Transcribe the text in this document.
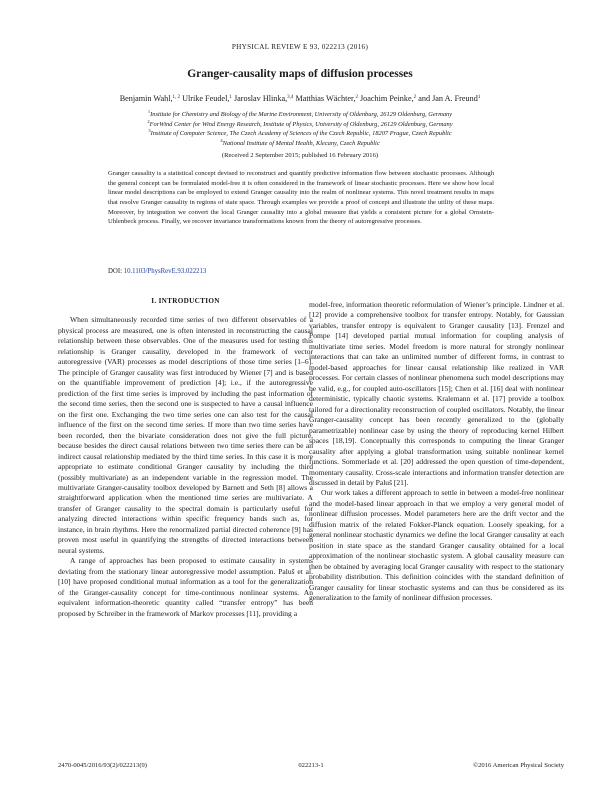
PHYSICAL REVIEW E 93, 022213 (2016)
Granger-causality maps of diffusion processes
Benjamin Wahl,$^{1, 2}$ Ulrike Feudel,$^1$ Jaroslav Hlinka,$^{3,4}$ Matthias Wächter,$^2$ Joachim Peinke,$^2$ and Jan A. Freund$^1$
$^1$Institute for Chemistry and Biology of the Marine Environment, University of Oldenburg, 26129 Oldenburg, Germany
$^2$ForWind Center for Wind Energy Research, Institute of Physics, University of Oldenburg, 26129 Oldenburg, Germany
$^3$Institute of Computer Science, The Czech Academy of Sciences of the Czech Republic, 18207 Prague, Czech Republic
$^4$National Institute of Mental Health, Klecany, Czech Republic
(Received 2 September 2015; published 16 February 2016)
Granger causality is a statistical concept devised to reconstruct and quantify predictive information flow between stochastic processes. Although the general concept can be formulated model-free it is often considered in the framework of linear stochastic processes. Here we show how local linear model descriptions can be employed to extend Granger causality into the realm of nonlinear systems. This novel treatment results in maps that resolve Granger causality in regions of state space. Through examples we provide a proof of concept and illustrate the utility of these maps. Moreover, by integration we convert the local Granger causality into a global measure that yields a consistent picture for a global Ornstein-Uhlenbeck process. Finally, we recover invariance transformations known from the theory of autoregressive processes.
DOI: 10.1103/PhysRevE.93.022213
I. INTRODUCTION

When simultaneously recorded time series of two different observables of a physical process are measured, one is often interested in reconstructing the causal relationship between these observables. One of the measures used for testing this relationship is Granger causality, developed in the framework of vector autoregressive (VAR) processes as model descriptions of those time series [1–6]. The principle of Granger causality was first introduced by Wiener [7] and is based on the quantifiable improvement of prediction [4]; i.e., if the autoregressive prediction of the first time series is improved by including the past information of the second time series, then the second one is suspected to have a causal influence on the first one. Exchanging the two time series one can also test for the causal influence of the first on the second time series. If more than two time series have been recorded, then the bivariate consideration does not give the full picture, because besides the direct causal relations between two time series there can be an indirect causal relationship mediated by the third time series. In this case it is more appropriate to estimate conditional Granger causality by including the third (possibly multivariate) as an independent variable in the regression model. The multivariate Granger-causality toolbox developed by Barnett and Seth [8] allows a straightforward application when the mentioned time series are multivariate. A transfer of Granger causality to the spectral domain is particularly useful for analyzing directed interactions within specific frequency bands such as, for instance, in brain rhythms. Here the renormalized partial directed coherence [9] has proven most useful in quantifying the strengths of directed interactions between neural systems.

A range of approaches has been proposed to estimate causality in systems deviating from the stationary linear autoregressive model assumption. Paluš et al. [10] have proposed conditional mutual information as a tool for the generalization of the Granger-causality concept for time-continuous nonlinear systems. An equivalent information-theoretic quantity called “transfer entropy” has been proposed by Schreiber in the framework of Markov processes [11], providing a

model-free, information theoretic reformulation of Wiener’s principle. Lindner et al. [12] provide a comprehensive toolbox for transfer entropy. Notably, for Gaussian variables, transfer entropy is equivalent to Granger causality [13]. Frenzel and Pompe [14] developed partial mutual information for coupling analysis of multivariate time series. Model freedom is more natural for strongly nonlinear interactions that can take an unlimited number of different forms, in contrast to model-based approaches for linear causal relationship like realized in VAR processes. For certain classes of nonlinear phenomena such model descriptions may be valid, e.g., for coupled auto-oscillators [15]; Chen et al. [16] deal with nonlinear deterministic, typically chaotic systems. Kralemann et al. [17] provide a toolbox tailored for a directionality reconstruction of coupled oscillators. Notably, the linear Granger-causality concept has been recently generalized to the (globally parametrizable) nonlinear case by using the theory of reproducing kernel Hilbert spaces [18,19]. Conceptually this corresponds to computing the linear Granger causality after applying a global transformation using suitable nonlinear kernel functions. Sommerlade et al. [20] addressed the open question of time-dependent, momentary causality. Cross-scale interactions and information transfer detection are discussed in detail by Paluš [21].

Our work takes a different approach to settle in between a model-free nonlinear and the model-based linear approach in that we employ a very general model of nonlinear diffusion processes. Model parameters here are the drift vector and the diffusion matrix of the related Fokker-Planck equation. Loosely speaking, for a general nonlinear stochastic dynamics we define the local Granger causality at each position in state space as the standard Granger causality obtained for a local approximation of the nonlinear stochastic system. A global causality measure can then be obtained by averaging local Granger causality with respect to the stationary probability distribution. This definition coincides with the standard definition of Granger causality for linear stochastic systems and can thus be considered as its generalization to the family of nonlinear diffusion processes.

2470-0045/2016/93(2)/022213(9)	022213-1	©2016 American Physical Society
